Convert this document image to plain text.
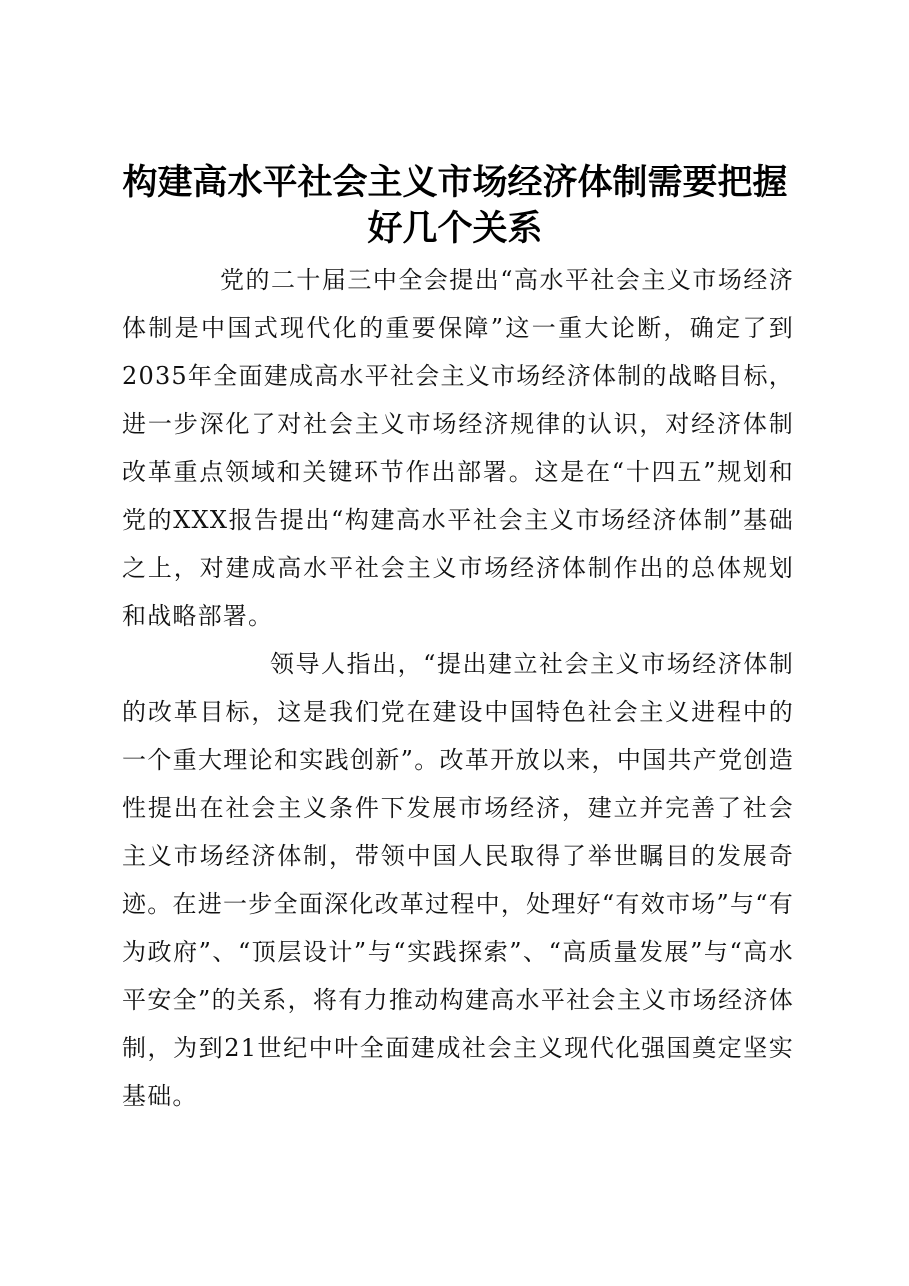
构建高水平社会主义市场经济体制需要把握好几个关系

党的二十届三中全会提出“高水平社会主义市场经济体制是中国式现代化的重要保障”这一重大论断，确定了到2035年全面建成高水平社会主义市场经济体制的战略目标，进一步深化了对社会主义市场经济规律的认识，对经济体制改革重点领域和关键环节作出部署。这是在“十四五”规划和党的XXX报告提出“构建高水平社会主义市场经济体制”基础之上，对建成高水平社会主义市场经济体制作出的总体规划和战略部署。

领导人指出，“提出建立社会主义市场经济体制的改革目标，这是我们党在建设中国特色社会主义进程中的一个重大理论和实践创新”。改革开放以来，中国共产党创造性提出在社会主义条件下发展市场经济，建立并完善了社会主义市场经济体制，带领中国人民取得了举世瞩目的发展奇迹。在进一步全面深化改革过程中，处理好“有效市场”与“有为政府”、“顶层设计”与“实践探索”、“高质量发展”与“高水平安全”的关系，将有力推动构建高水平社会主义市场经济体制，为到21世纪中叶全面建成社会主义现代化强国奠定坚实基础。
